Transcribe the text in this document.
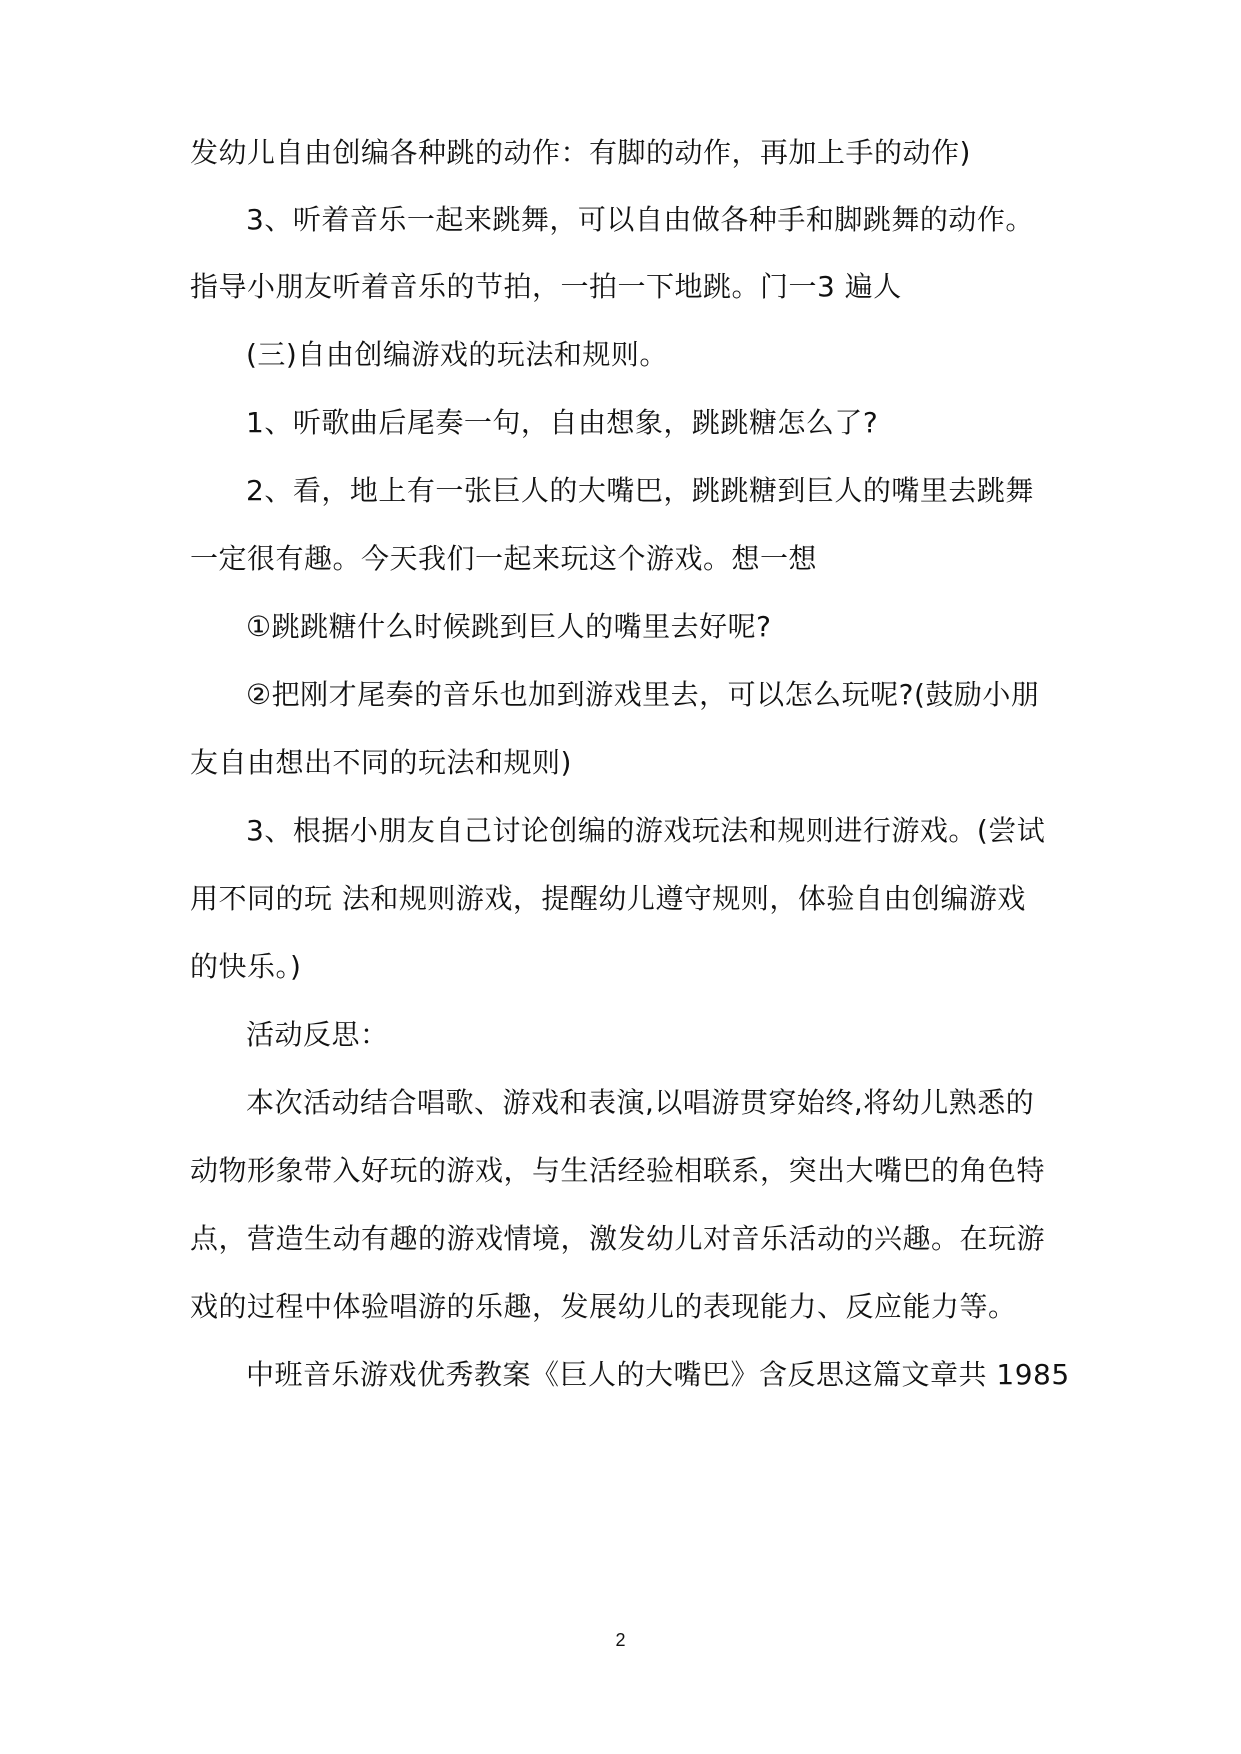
发幼儿自由创编各种跳的动作：有脚的动作，再加上手的动作)
3、听着音乐一起来跳舞，可以自由做各种手和脚跳舞的动作。
指导小朋友听着音乐的节拍，一拍一下地跳。门一3 遍人
(三)自由创编游戏的玩法和规则。
1、听歌曲后尾奏一句，自由想象，跳跳糖怎么了?
2、看，地上有一张巨人的大嘴巴，跳跳糖到巨人的嘴里去跳舞
一定很有趣。今天我们一起来玩这个游戏。想一想
①跳跳糖什么时候跳到巨人的嘴里去好呢?
②把刚才尾奏的音乐也加到游戏里去，可以怎么玩呢?(鼓励小朋
友自由想出不同的玩法和规则)
3、根据小朋友自己讨论创编的游戏玩法和规则进行游戏。(尝试
用不同的玩 法和规则游戏，提醒幼儿遵守规则，体验自由创编游戏
的快乐。)
活动反思：
本次活动结合唱歌、游戏和表演,以唱游贯穿始终,将幼儿熟悉的
动物形象带入好玩的游戏，与生活经验相联系，突出大嘴巴的角色特
点，营造生动有趣的游戏情境，激发幼儿对音乐活动的兴趣。在玩游
戏的过程中体验唱游的乐趣，发展幼儿的表现能力、反应能力等。
中班音乐游戏优秀教案《巨人的大嘴巴》含反思这篇文章共 1985
2
